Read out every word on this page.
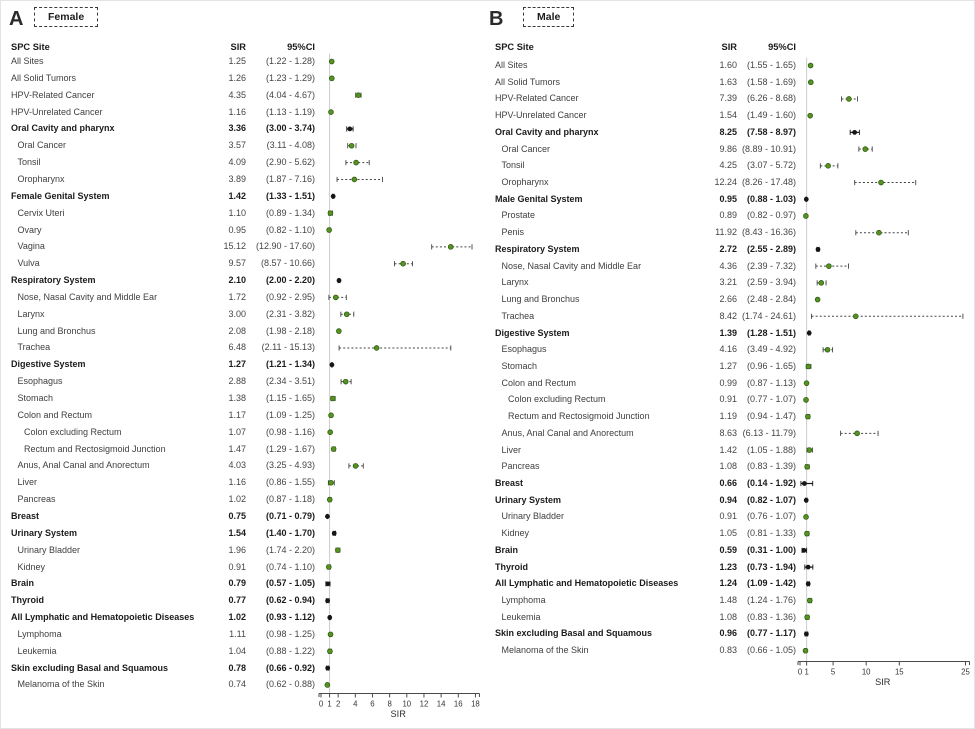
0 1 2 4 6 8 10 12 14 16 18
SIR
0 1	5	10	15	25
SIR
A	Female	B	Male
SPC Site	SIR	95%CI
All Sites	1.25	(1.22 - 1.28)
All Solid Tumors	1.26	(1.23 - 1.29)
HPV-Related Cancer	4.35	(4.04 - 4.67)
HPV-Unrelated Cancer	1.16	(1.13 - 1.19)
Oral Cavity and pharynx	3.36	(3.00 - 3.74)
Oral Cancer	3.57	(3.11 - 4.08)
Tonsil	4.09	(2.90 - 5.62)
Oropharynx	3.89	(1.87 - 7.16)
Female Genital System	1.42	(1.33 - 1.51)
Cervix Uteri	1.10	(0.89 - 1.34)
Ovary	0.95	(0.82 - 1.10)
Vagina	15.12	(12.90 - 17.60)
Vulva	9.57	(8.57 - 10.66)
Respiratory System	2.10	(2.00 - 2.20)
Nose, Nasal Cavity and Middle Ear	1.72	(0.92 - 2.95)
Larynx	3.00	(2.31 - 3.82)
Lung and Bronchus	2.08	(1.98 - 2.18)
Trachea	6.48	(2.11 - 15.13)
Digestive System	1.27	(1.21 - 1.34)
Esophagus	2.88	(2.34 - 3.51)
Stomach	1.38	(1.15 - 1.65)
Colon and Rectum	1.17	(1.09 - 1.25)
Colon excluding Rectum	1.07	(0.98 - 1.16)
Rectum and Rectosigmoid Junction	1.47	(1.29 - 1.67)
Anus, Anal Canal and Anorectum	4.03	(3.25 - 4.93)
Liver	1.16	(0.86 - 1.55)
Pancreas	1.02	(0.87 - 1.18)
Breast	0.75	(0.71 - 0.79)
Urinary System	1.54	(1.40 - 1.70)
Urinary Bladder	1.96	(1.74 - 2.20)
Kidney	0.91	(0.74 - 1.10)
Brain	0.79	(0.57 - 1.05)
Thyroid	0.77	(0.62 - 0.94)
All Lymphatic and Hematopoietic Diseases	1.02	(0.93 - 1.12)
Lymphoma	1.11	(0.98 - 1.25)
Leukemia	1.04	(0.88 - 1.22)
Skin excluding Basal and Squamous	0.78	(0.66 - 0.92)
Melanoma of the Skin	0.74	(0.62 - 0.88)
SPC Site	SIR	95%CI
All Sites	1.60	(1.55 - 1.65)
All Solid Tumors	1.63	(1.58 - 1.69)
HPV-Related Cancer	7.39	(6.26 - 8.68)
HPV-Unrelated Cancer	1.54	(1.49 - 1.60)
Oral Cavity and pharynx	8.25	(7.58 - 8.97)
Oral Cancer	9.86 (8.89 - 10.91)
Tonsil	4.25	(3.07 - 5.72)
Oropharynx	12.24 (8.26 - 17.48)
Male Genital System	0.95	(0.88 - 1.03)
Prostate	0.89	(0.82 - 0.97)
Penis	11.92 (8.43 - 16.36)
Respiratory System	2.72	(2.55 - 2.89)
Nose, Nasal Cavity and Middle Ear	4.36	(2.39 - 7.32)
Larynx	3.21	(2.59 - 3.94)
Lung and Bronchus	2.66	(2.48 - 2.84)
Trachea	8.42 (1.74 - 24.61)
Digestive System	1.39	(1.28 - 1.51)
Esophagus	4.16	(3.49 - 4.92)
Stomach	1.27	(0.96 - 1.65)
Colon and Rectum	0.99	(0.87 - 1.13)
Colon excluding Rectum	0.91	(0.77 - 1.07)
Rectum and Rectosigmoid Junction	1.19	(0.94 - 1.47)
Anus, Anal Canal and Anorectum	8.63 (6.13 - 11.79)
Liver	1.42	(1.05 - 1.88)
Pancreas	1.08	(0.83 - 1.39)
Breast	0.66	(0.14 - 1.92)
Urinary System	0.94	(0.82 - 1.07)
Urinary Bladder	0.91	(0.76 - 1.07)
Kidney	1.05	(0.81 - 1.33)
Brain	0.59	(0.31 - 1.00)
Thyroid	1.23	(0.73 - 1.94)
All Lymphatic and Hematopoietic Diseases	1.24	(1.09 - 1.42)
Lymphoma	1.48	(1.24 - 1.76)
Leukemia	1.08	(0.83 - 1.36)
Skin excluding Basal and Squamous	0.96	(0.77 - 1.17)
Melanoma of the Skin	0.83	(0.66 - 1.05)
